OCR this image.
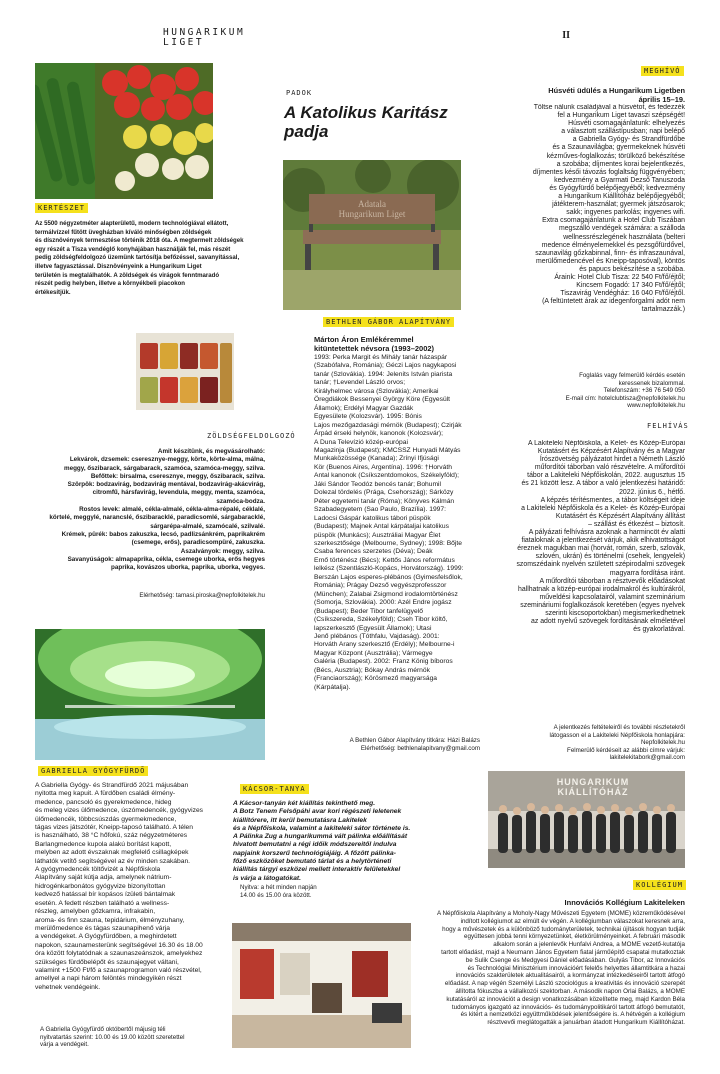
HUNGARIKUM
LIGET
II
KERTÉSZET
Az 5500 négyzetméter alapterületű, modern technológiával ellátott,
termálvízzel fűtött üvegházban kíváló minőségben zöldségek
és dísznövények termesztése történik 2018 óta. A megtermelt zöldségek
egy részét a Tisza vendéglő konyhájában használják fel, más részét
pedig zöldségfeldolgozó üzemünk tartósítja befőzéssel, savanyítással,
illetve fagyasztással. Disznövényeink a Hungarikum Liget
területén is megtalálhatók. A zöldségek és virágok fenntmaradó
részét pedig helyben, illetve a környékbeli piacokon
értékesítjük.
ZÖLDSÉGFELDOLGOZÓ
Amit készítünk, és megvásárolható:
Lekvárok, dzsemek: cseresznye-meggy, körte, körte-alma, málna,
meggy, őszibarack, sárgabarack, szamóca, szamóca-meggy, szilva.
Befőttek: birsalma, cseresznye, meggy, őszibarack, szilva.
Szörpök: bodzavirág, bodzavirág mentával, bodzavirág-akácvirág,
citromfű, hársfavirág, levendula, meggy, menta, szamóca,
szamóca-bodza.
Rostos levek: almalé, cékla-almalé, cékla-alma-répalé, céklalé,
körtelé, meggylé, narancslé, őszibaracklé, paradicsomlé, sárgabaracklé,
sárgarépa-almalé, szamócalé, szilvalé.
Krémek, pürék: babos zakuszka, lecsó, padlizsánkrém, paprikakrém
(csemege, erős), paradicsompüré, zakuszka.
Aszalványok: meggy, szilva.
Savanyúságok: almapaprika, cékla, csemege uborka, erős hegyes
paprika, kovászos uborka, paprika, uborka, vegyes.
Elérhetőség: tamasi.piroska@nepfolkitelek.hu
GABRIELLA GYÓGYFÜRDŐ
A Gabriella Gyógy- és Strandfürdő 2021 májusában
nyitotta meg kapuit. A fürdőben családi élmény-
medence, pancsoló és gyerekmedence, hideg
és meleg vizes ülőmedence, úszómedencék, gyógyvizes
ülőmedencék, többcsúszdás gyermekmedence,
tágas vizes játszótér, Kneipp-taposó található. A télen
is használható, 38 °C hőfokú, száz négyzetméteres
Barlangmedence kupola alakú borítást kapott,
melyben az adott évszaknak megfelelő csillagképek
láthatók vetítő segítségével az év minden szakában.
A gyógymedencék töltővizét a Népfőiskola
Alapítvány saját kútja adja, amelynek nátrium-
hidrogénkarbonátos gyógyvize bizonyítottan
kedvező hatással bír kopásos ízületi bántalmak
esetén. A fedett részben található a wellness-
részleg, amelyben gőzkamra, infrakabin,
aroma- és finn szauna, tepidárium, élményzuhany,
merülőmedence és tágas szaunapihenő várja
a vendégeket. A Gyógyfürdőben, a meghirdetett
napokon, szaunamesterünk segítségével 16.30 és 18.00
óra között folytatódnak a szaunaszeánszok, amelyekhez
szükséges fürdőbelépőt és szaunajegyet váltani,
valamint +1500 Ft/fő a szaunaprogramon való részvétel,
amellyel a napi három felöntés mindegyikén részt
vehetnek vendégeink.
A Gabriella Gyógyfürdő októbertől májusig téli
nyitvatartás szerint: 10.00 és 19.00 között szeretettel
várja a vendégeit.
PADOK
A Katolikus Karitász
padja
Adatala
Hungarikum Liget
BETHLEN GÁBOR ALAPÍTVÁNY
Márton Áron Emlékéremmel
kitüntetettek névsora (1993–2002)
1993: Perka Margit és Mihály tanár házaspár
(Szabófalva, Románia); Géczi Lajos nagykaposi
tanár (Szlovákia). 1994: Jelenits István piarista
tanár; †Levendel László orvos;
Királyhelmec városa (Szlovákia); Amerikai
Öregdiákok Bessenyei György Köre (Egyesült
Államok); Erdélyi Magyar Gazdák
Egyesülete (Kolozsvár). 1995: Bónis
Lajos mezőgazdasági mérnök (Budapest); Czirják
Árpád érseki helynök, kanonok (Kolozsvár);
A Duna Televízió közép-európai
Magazinja (Budapest); KMCSSZ Hunyadi Mátyás
Munkaközössége (Kanada); Zrínyi Ifjúsági
Kör (Buenos Aires, Argentína). 1996: †Horváth
Antal kanonok (Csíkszentdomokos, Székelyföld);
Jáki Sándor Teodóz bencés tanár; Bohumil
Dolezal tördelés (Prága, Csehország); Sárközy
Péter egyetemi tanár (Róma); Könyves Kálmán
Szabadegyetem (Sao Paulo, Brazília). 1997:
Ladocsi Gáspár katolikus tábori püspök
(Budapest); Majnek Antal kárpátaljai katolikus
püspök (Munkács); Ausztráliai Magyar Élet
szerkesztősége (Melbourne, Sydney); 1998: Bőjte
Csaba ferences szerzetes (Déva); Deák
Ernő történész (Bécs); Kettős János református
lelkész (Szentlászló-Kopács, Horvátország). 1999:
Berszán Lajos esperes-plébános (Gyimesfelsőlok,
Románia); Prágay Dezső vegyészprofesszor
(München); Zalabai Zsigmond irodalomtörténész
(Somorja, Szlovákia). 2000: Azél Endre jogász
(Budapest); Beder Tibor tanfelügyelő
(Csíkszereda, Székelyföld); Cseh Tibor költő,
lapszerkesztő (Egyesült Államok); Utasi
Jenő plébános (Tóthfalu, Vajdaság). 2001:
Horváth Arany szerkesztő (Erdély); Melbourne-i
Magyar Központ (Ausztrália); Vármegye
Galéria (Budapest). 2002: Franz König bíboros
(Bécs, Ausztria); Bókay András mérnök
(Franciaország); Körösmező magyarsága
(Kárpátalja).
A Bethlen Gábor Alapítvány titkára: Házi Balázs
Elérhetőség: bethlenalapitvany@gmail.com
KÁCSOR-TANYA
A Kácsor-tanyán két kiállítás tekinthető meg.
A Botz Tenem Felsőpáhi avar kori régészeti leletenek
kiállítórere, itt kerül bemutatásra Lakitelek
és a Népfőiskola, valamint a lakiteleki sátor története is.
A Pálinka Zug a hungarikummá vált pálinka előállítását
hivatott bemutatni a régi időik módszereitől indulva
napjaink korszerű technológiájáig. A főzött pálinka-
főző eszközöket bemutató tárlat és a helytörténeti
kiállítás tárgyi eszközei mellett interaktív felületekkel
is várja a látogatókat.
Nyitva: a hét minden napján
14.00 és 15.00 óra között.
MEGHÍVÓ
Húsvéti üdülés a Hungarikum Ligetben
április 15–19.
Töltse nálunk családjával a húsvétot, és fedezzék
fel a Hungarikum Liget tavaszi szépségét!
Húsvéti csomagajánlatunk: elhelyezés
a választott szállástípusban; napi belépő
a Gabriella Gyógy- és Strandfürdőbe
és a Szaunavilágba; gyermekeknek húsvéti
kézműves-foglalkozás; törülköző bekészítése
a szobába; díjmentes korai bejelentkezés,
díjmentes késői távozás foglaltság függvényében;
kedvezmény a Gyarmati Dezső Tanuszoda
és Gyógyfürdő belépőjegyéből; kedvezmény
a Hungarikum Kiállítóház belépőjegyéből;
játékterem-használat; gyermek játszósarok;
sakk; ingyenes parkolás; ingyenes wifi.
Extra csomagajánlatunk a Hotel Club Tiszában
megszálló vendégek számára: a szálloda
wellnessrészlegének használata (belteri
medence élményelemekkel és pezsgőfürdővel,
szaunavilág gőzkabinnal, finn- és infraszaunával,
merülőmedencével és Kneipp-taposóval), köntös
és papucs bekészítése a szobába.
Áraink: Hotel Club Tisza: 22 540 Ft/fő/éjtől;
Kincsem Fogadó: 17 340 Ft/fő/éjtől;
Tiszavirág Vendégház: 16 040 Ft/fő/éjtől.
(A feltüntetett árak az idegenforgalmi adót nem
tartalmazzák.)
Foglalás vagy felmerülő kérdés esetén
keressenek bizalommal.
Telefonszám: +36 76 549 050
E-mail cím: hotelclubtisza@nepfolkitelek.hu
www.nepfolkitelek.hu
FELHÍVÁS
A Lakiteleki Népfőiskola, a Kelet- és Közép-Európai
Kutatásért és Képzésért Alapítvány és a Magyar
Írószövetség pályázatot hirdet a Németh László
műfordítói táborban való részvételre. A műfordítói
tábor a Lakiteleki Népfőiskolán, 2022. augusztus 15
és 21 között lesz. A tábor a való jelentkezési határidő:
2022. június 6., hétfő.
A képzés térítésmentes, a tábor költségeit ideje
a Lakiteleki Népfőiskola és a Kelet- és Közép-Európai
Kutatásért és Képzésért Alapítvány állítást
– szállást és étkezést – biztosít.
A pályázati felhívásra azoknak a harmincöt év alatti
fiataloknak a jelentkezését várjuk, akik elhivatottságot
éreznek magukban mai (horvát, román, szerb, szlovák,
szlovén, ukrán) és történelmi (csehek, lengyelek)
szomszédaink nyelvén született szépirodalmi szövegek
magyarra fordítása iránt.
A műfordítói táborban a résztvevők előadásokat
hallhatnak a közép-európai irodalmakról és kultúrákról,
műveldési kapcsolatairól, valamint szeminárium
szemináriumi foglalkozások keretében (egyes nyelvek
szerinti kiscsoportokban) megismerkedhetnek
az adott nyelvű szövegek fordításának elméletével
és gyakorlatával.
A jelentkezés feltételeiről és további részletekről
látogasson el a Lakiteleki Népfőiskola honlapjára:
Nepfolkitelek.hu
Felmerülő kérdéseit az alábbi címre várjuk:
lakitelekitabork@gmail.com
HUNGARIKUM
KIÁLLÍTÓHÁZ
KOLLÉGIUM
Innovációs Kollégium Lakiteleken
A Népfőiskola Alapítvány a Moholy-Nagy Művészeti Egyetem (MOME) közreműködésével
indított kollégiumot az elmúlt év végén. A kollégiumban válaszokat keresnek arra,
hogy a művészetek és a különböző tudományterületek, technikai újítások hogyan tudják
együttesen jobbá tenni környezetünket, életkörülményeinket. A februári második
alkalom során a jelenlevők Hunfalvi Andrea, a MOME vezető-kutatója
tartott előadást, majd a Neumann János Egyetem fiatal járműépítő csapatai mutatkoztak
be Sulik Csenge és Medgyesi Dániel előadásában. Gulyás Tibor, az Innovációs
és Technológiai Minisztérium innovációért felelős helyettes államtitkára a hazai
innovációs szakterületek aktualitásairól, a kormányzat intézkedéseiről tartott átfogó
előadást. A nap végén Személyi László szociológus a kreativitás és innováció szerepét
állította fókuszba a vállalkozói szektorban. A második napon Orlai Balázs, a MOME
kutatásáról az innovációt a design vonatkozásában közelítette meg, majd Kardon Béla
tudományos igazgató az innovációs- és tudománypolitikáról tartott átfogó bemutatót,
és kitért a nemzetközi együttműködések jelentőségére is. A hétvégén a kollégium
résztvevői meglátogatták a januárban átadott Hungarikum Kiállítóházat.
